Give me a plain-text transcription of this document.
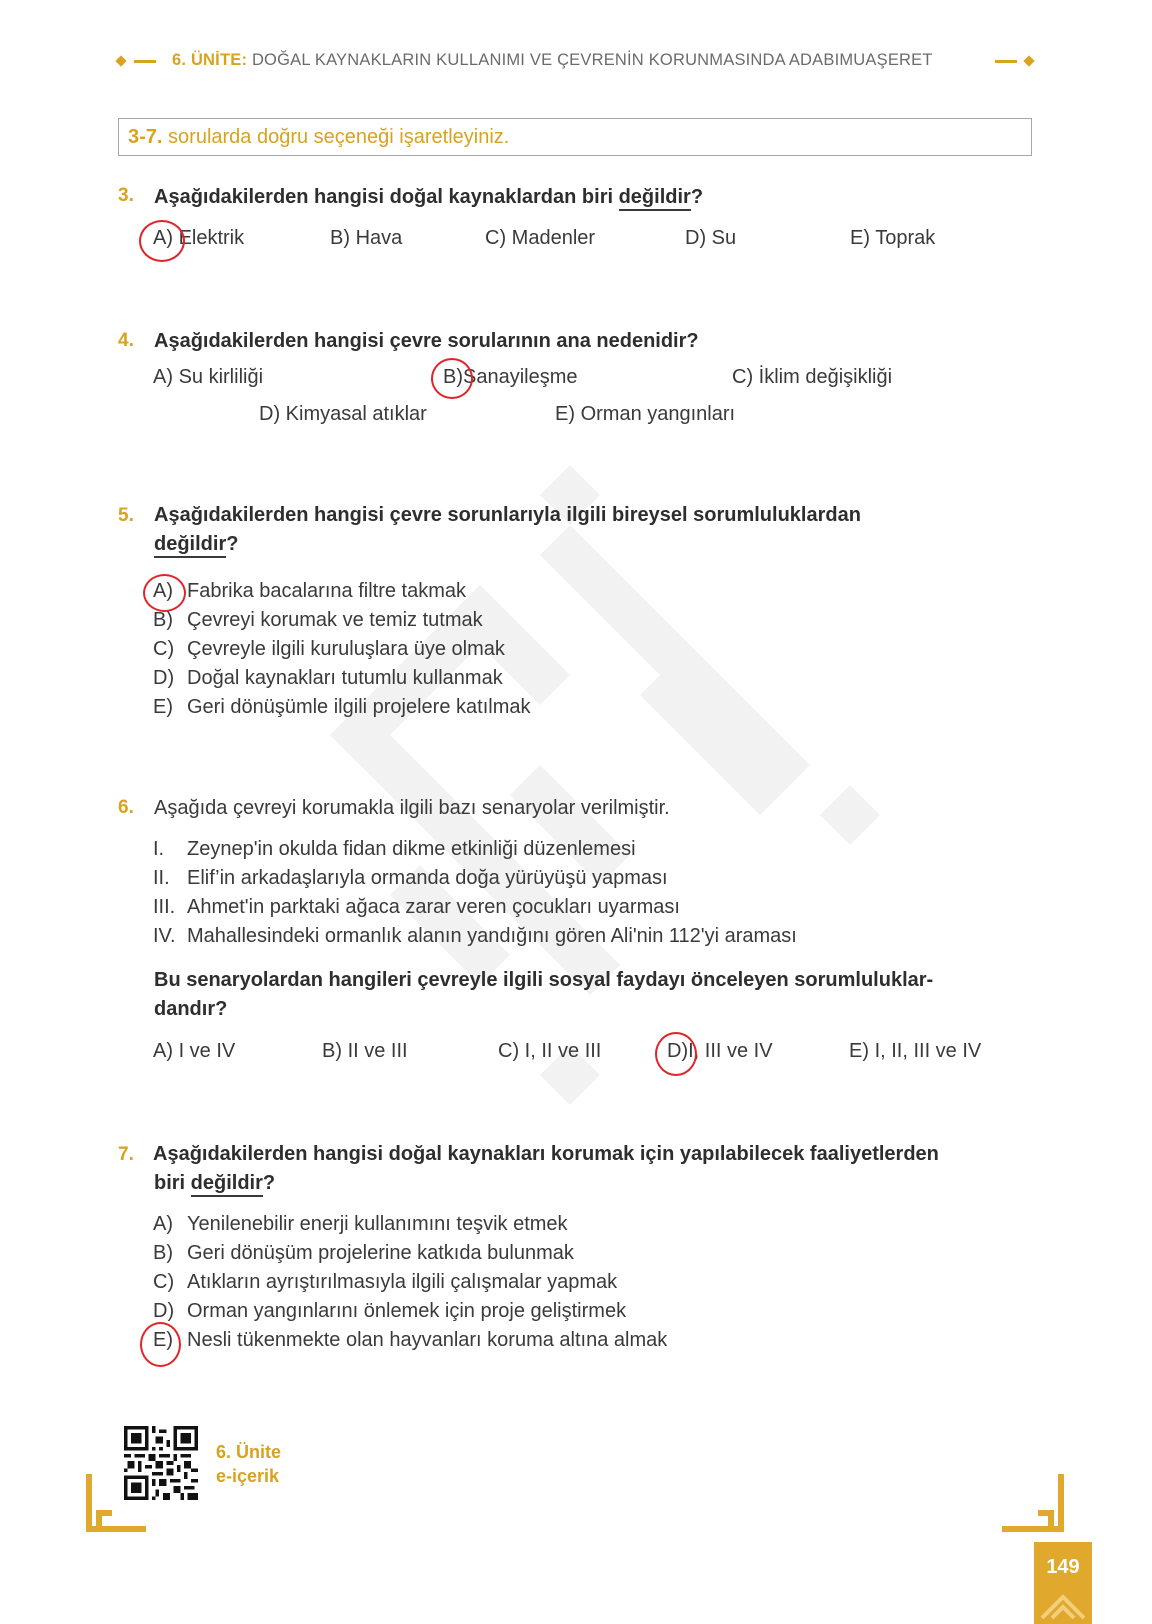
6. ÜNİTE: DOĞAL KAYNAKLARIN KULLANIMI VE ÇEVRENİN KORUNMASINDA ADABIMUAŞERET
3-7. sorularda doğru seçeneği işaretleyiniz.
3. Aşağıdakilerden hangisi doğal kaynaklardan biri değildir?
A) Elektrik	B) Hava	C) Madenler	D) Su	E) Toprak
4. Aşağıdakilerden hangisi çevre sorularının ana nedenidir?
A) Su kirliliği	B)Sanayileşme	C) İklim değişikliği
D) Kimyasal atıklar	E) Orman yangınları
5. Aşağıdakilerden hangisi çevre sorunlarıyla ilgili bireysel sorumluluklardan
değildir?
A) Fabrika bacalarına filtre takmak
B) Çevreyi korumak ve temiz tutmak
C) Çevreyle ilgili kuruluşlara üye olmak
D) Doğal kaynakları tutumlu kullanmak
E) Geri dönüşümle ilgili projelere katılmak
6. Aşağıda çevreyi korumakla ilgili bazı senaryolar verilmiştir.
I. Zeynep'in okulda fidan dikme etkinliği düzenlemesi
II. Elif’in arkadaşlarıyla ormanda doğa yürüyüşü yapması
III. Ahmet'in parktaki ağaca zarar veren çocukları uyarması
IV. Mahallesindeki ormanlık alanın yandığını gören Ali'nin 112'yi araması
Bu senaryolardan hangileri çevreyle ilgili sosyal faydayı önceleyen sorumluluklar-
dandır?
A) I ve IV	B) II ve III	C) I, II ve III	D)I, III ve IV	E) I, II, III ve IV
7. Aşağıdakilerden hangisi doğal kaynakları korumak için yapılabilecek faaliyetlerden
biri değildir?
A) Yenilenebilir enerji kullanımını teşvik etmek
B) Geri dönüşüm projelerine katkıda bulunmak
C) Atıkların ayrıştırılmasıyla ilgili çalışmalar yapmak
D) Orman yangınlarını önlemek için proje geliştirmek
E) Nesli tükenmekte olan hayvanları koruma altına almak
6. Ünite
e-içerik
149
